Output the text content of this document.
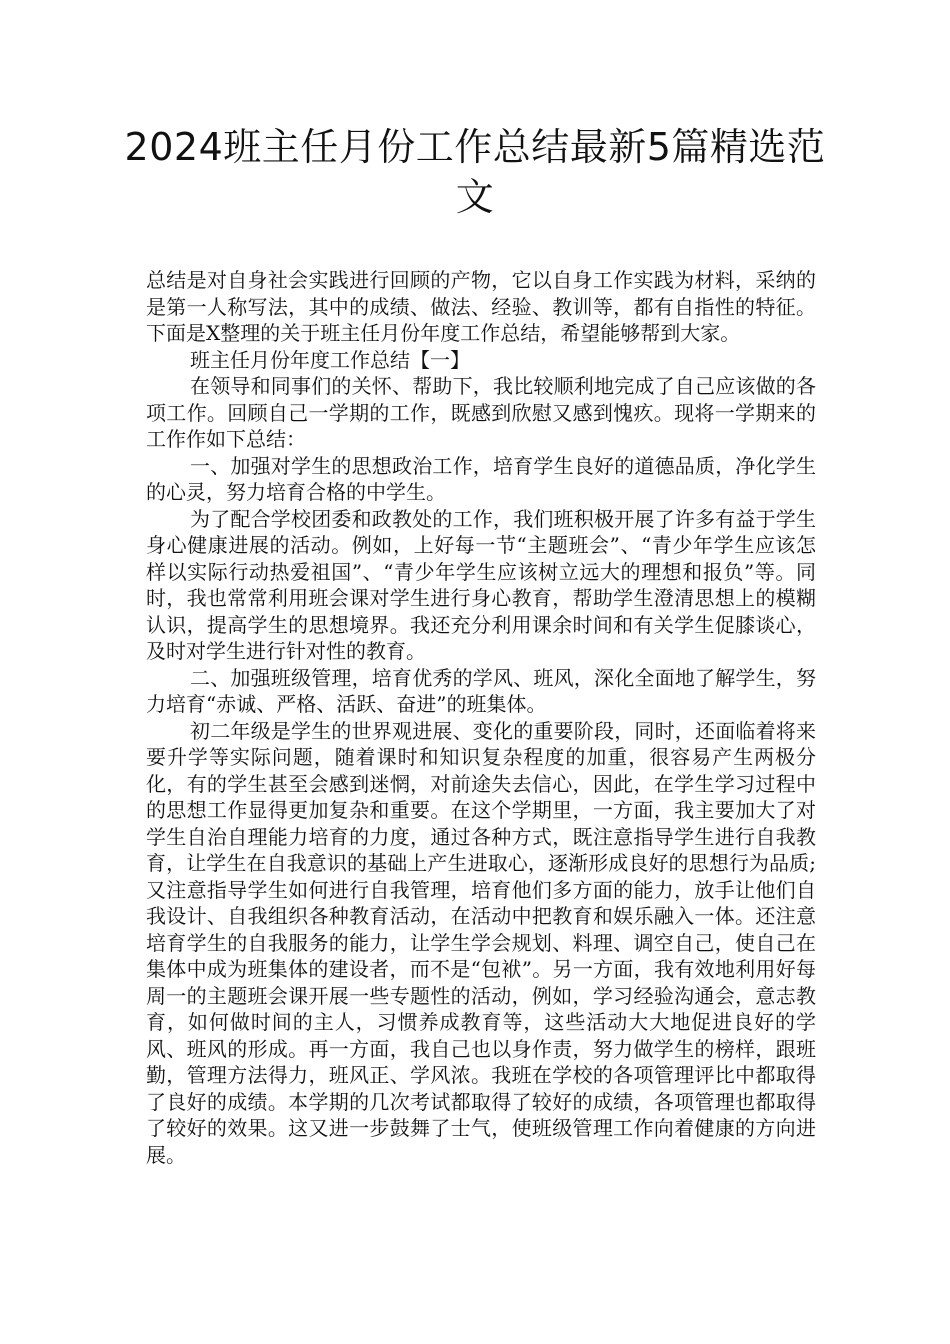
2024班主任月份工作总结最新5篇精选范文

总结是对自身社会实践进行回顾的产物，它以自身工作实践为材料，采纳的是第一人称写法，其中的成绩、做法、经验、教训等，都有自指性的特征。下面是X整理的关于班主任月份年度工作总结，希望能够帮到大家。

班主任月份年度工作总结【一】

在领导和同事们的关怀、帮助下，我比较顺利地完成了自己应该做的各项工作。回顾自己一学期的工作，既感到欣慰又感到愧疚。现将一学期来的工作作如下总结：

一、加强对学生的思想政治工作，培育学生良好的道德品质，净化学生的心灵，努力培育合格的中学生。

为了配合学校团委和政教处的工作，我们班积极开展了许多有益于学生身心健康进展的活动。例如，上好每一节“主题班会”、“青少年学生应该怎样以实际行动热爱祖国”、“青少年学生应该树立远大的理想和报负”等。同时，我也常常利用班会课对学生进行身心教育，帮助学生澄清思想上的模糊认识，提高学生的思想境界。我还充分利用课余时间和有关学生促膝谈心，及时对学生进行针对性的教育。

二、加强班级管理，培育优秀的学风、班风，深化全面地了解学生，努力培育“赤诚、严格、活跃、奋进”的班集体。

初二年级是学生的世界观进展、变化的重要阶段，同时，还面临着将来要升学等实际问题，随着课时和知识复杂程度的加重，很容易产生两极分化，有的学生甚至会感到迷惘，对前途失去信心，因此，在学生学习过程中的思想工作显得更加复杂和重要。在这个学期里，一方面，我主要加大了对学生自治自理能力培育的力度，通过各种方式，既注意指导学生进行自我教育，让学生在自我意识的基础上产生进取心，逐渐形成良好的思想行为品质;又注意指导学生如何进行自我管理，培育他们多方面的能力，放手让他们自我设计、自我组织各种教育活动，在活动中把教育和娱乐融入一体。还注意培育学生的自我服务的能力，让学生学会规划、料理、调空自己，使自己在集体中成为班集体的建设者，而不是“包袱”。另一方面，我有效地利用好每周一的主题班会课开展一些专题性的活动，例如，学习经验沟通会，意志教育，如何做时间的主人，习惯养成教育等，这些活动大大地促进良好的学风、班风的形成。再一方面，我自己也以身作责，努力做学生的榜样，跟班勤，管理方法得力，班风正、学风浓。我班在学校的各项管理评比中都取得了良好的成绩。本学期的几次考试都取得了较好的成绩，各项管理也都取得了较好的效果。这又进一步鼓舞了士气，使班级管理工作向着健康的方向进展。
